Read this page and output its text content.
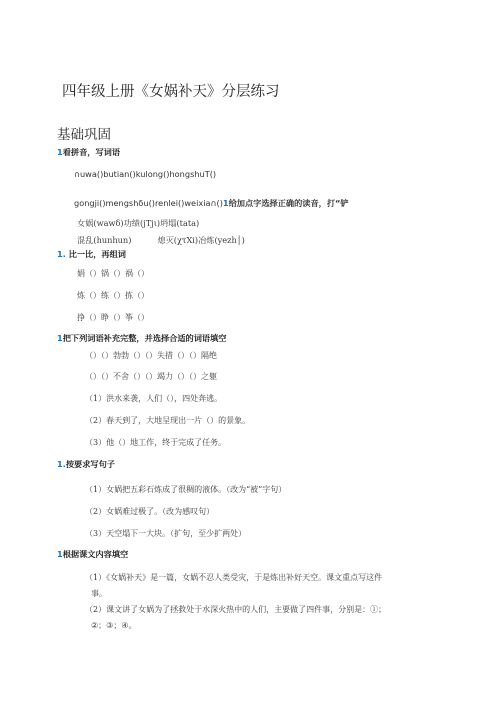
四年级上册《女娲补天》分层练习
基础巩固
1看拼音，写词语
∩uwa()butian()kulong()hongshuT()
gongji()mengshδu()renlei()weixia∩()1给加点字选择正确的读音，打“铲
女娲(wawδ)功绩(jTjι)坍塌(tata)
混乱(hunhun)	熄灭(χτXi)冶炼(yezh│)
1. 比一比，再组词
娟（）锅（）祸（）
炼（）练（）拣（）
挣（）睁（）筝（）
1把下列词语补充完整，并选择合适的词语填空
（）（）勃勃（）（）失措（）（）隔绝
（）（）不舍（）（）竭力（）（）之躯
（1）洪水来袭，人们（），四处奔逃。
（2）春天到了，大地呈现出一片（）的景象。
（3）他（）地工作，终于完成了任务。
1.按要求写句子
（1）女娲把五彩石炼成了很稠的液体。（改为“被”字句）
（2）女娲难过极了。（改为感叹句）
（3）天空塌下一大块。（扩句，至少扩两处）
1根据课文内容填空
（1）《女娲补天》是一篇，女娲不忍人类受灾，于是炼出补好天空。课文重点写这件
事。
（2）课文讲了女娲为了拯救处于水深火热中的人们，主要做了四件事，分别是：①；
②；③；④。
